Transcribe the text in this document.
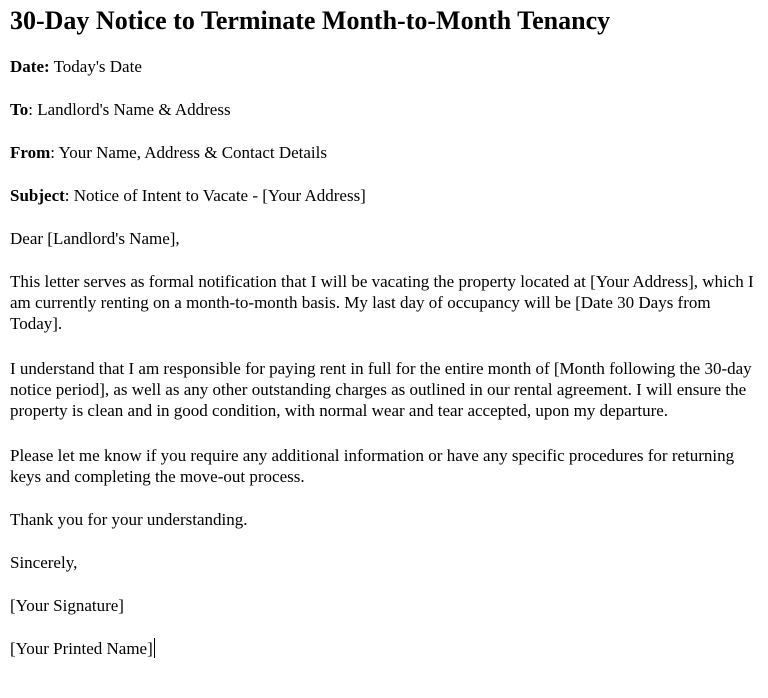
30-Day Notice to Terminate Month-to-Month Tenancy

Date: Today's Date

To: Landlord's Name & Address

From: Your Name, Address & Contact Details

Subject: Notice of Intent to Vacate - [Your Address]

Dear [Landlord's Name],

This letter serves as formal notification that I will be vacating the property located at [Your Address], which I am currently renting on a month-to-month basis. My last day of occupancy will be [Date 30 Days from Today].

I understand that I am responsible for paying rent in full for the entire month of [Month following the 30-day notice period], as well as any other outstanding charges as outlined in our rental agreement. I will ensure the property is clean and in good condition, with normal wear and tear accepted, upon my departure.

Please let me know if you require any additional information or have any specific procedures for returning keys and completing the move-out process.

Thank you for your understanding.

Sincerely,

[Your Signature]

[Your Printed Name]
